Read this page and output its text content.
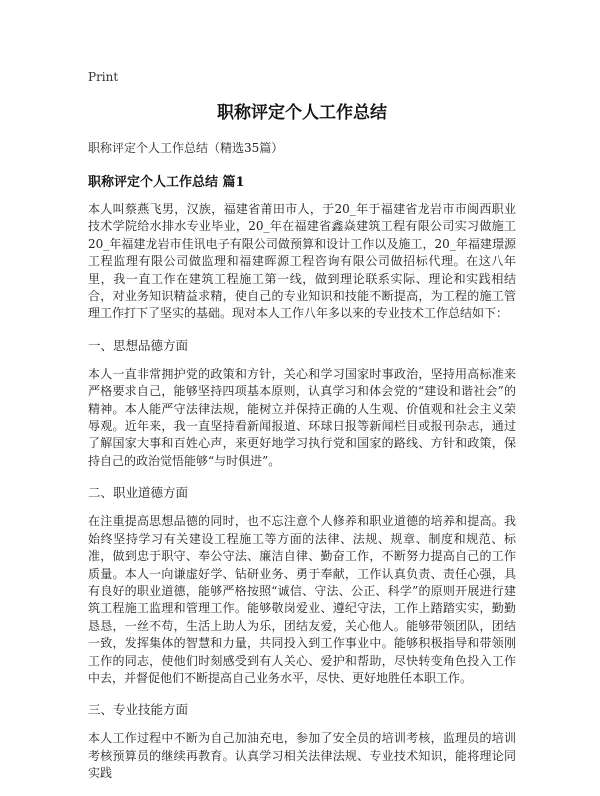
Print
职称评定个人工作总结
职称评定个人工作总结（精选35篇）
职称评定个人工作总结 篇1

本人叫蔡燕飞男，汉族，福建省莆田市人，于20_年于福建省龙岩市市闽西职业技术学院给水排水专业毕业，20_年在福建省鑫焱建筑工程有限公司实习做施工20_年福建龙岩市佳讯电子有限公司做预算和设计工作以及施工，20_年福建璟源工程监理有限公司做监理和福建晖源工程咨询有限公司做招标代理。在这八年里，我一直工作在建筑工程施工第一线，做到理论联系实际、理论和实践相结合，对业务知识精益求精，使自己的专业知识和技能不断提高，为工程的施工管理工作打下了坚实的基础。现对本人工作八年多以来的专业技术工作总结如下：

一、思想品德方面

本人一直非常拥护党的政策和方针，关心和学习国家时事政治，坚持用高标准来严格要求自己，能够坚持四项基本原则，认真学习和体会党的“建设和谐社会”的精神。本人能严守法律法规，能树立并保持正确的人生观、价值观和社会主义荣辱观。近年来，我一直坚持看新闻报道、环球日报等新闻栏目或报刊杂志，通过了解国家大事和百姓心声，来更好地学习执行党和国家的路线、方针和政策，保持自己的政治觉悟能够“与时俱进”。

二、职业道德方面

在注重提高思想品德的同时，也不忘注意个人修养和职业道德的培养和提高。我始终坚持学习有关建设工程施工等方面的法律、法规、规章、制度和规范、标准，做到忠于职守、奉公守法、廉洁自律、勤奋工作，不断努力提高自己的工作质量。本人一向谦虚好学、钻研业务、勇于奉献，工作认真负责、责任心强，具有良好的职业道德，能够严格按照“诚信、守法、公正、科学”的原则开展进行建筑工程施工监理和管理工作。能够敬岗爱业、遵纪守法，工作上踏踏实实，勤勤恳恳，一丝不苟，生活上助人为乐，团结友爱，关心他人。能够带领团队，团结一致，发挥集体的智慧和力量，共同投入到工作事业中。能够积极指导和带领刚工作的同志，使他们时刻感受到有人关心、爱护和帮助，尽快转变角色投入工作中去，并督促他们不断提高自己业务水平，尽快、更好地胜任本职工作。

三、专业技能方面

本人工作过程中不断为自己加油充电，参加了安全员的培训考核，监理员的培训考核预算员的继续再教育。认真学习相关法律法规、专业技术知识，能将理论同实践
